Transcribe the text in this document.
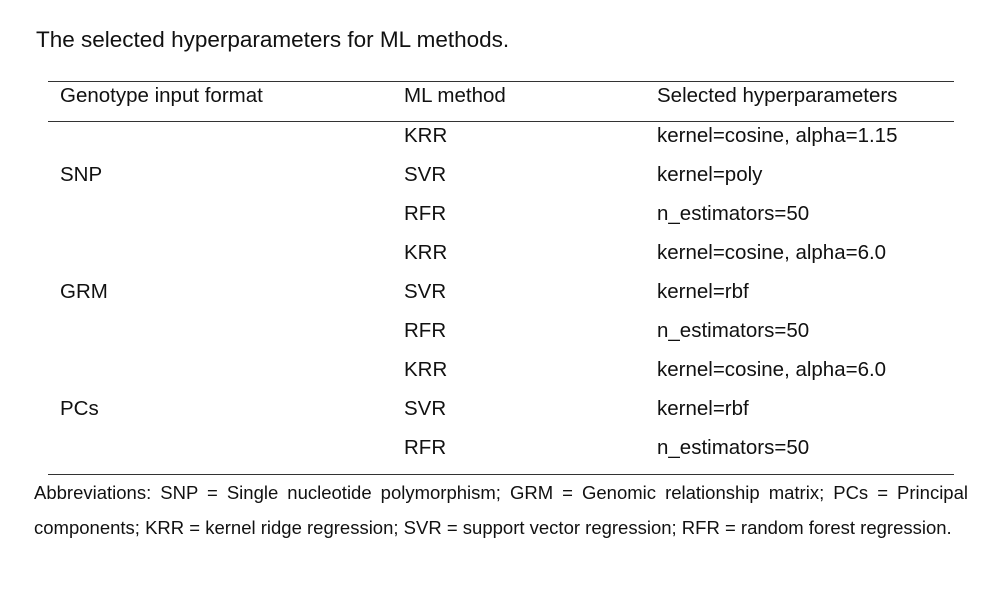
The selected hyperparameters for ML methods.
Genotype input format	ML method	Selected hyperparameters
SNP
KRR	kernel=cosine, alpha=1.15
SVR	kernel=poly
RFR	n_estimators=50
GRM
KRR	kernel=cosine, alpha=6.0
SVR	kernel=rbf
RFR	n_estimators=50
PCs
KRR	kernel=cosine, alpha=6.0
SVR	kernel=rbf
RFR	n_estimators=50
Abbreviations: SNP = Single nucleotide polymorphism; GRM = Genomic relationship matrix; PCs = Principal components; KRR = kernel ridge regression; SVR = support vector regression; RFR = random forest regression.
